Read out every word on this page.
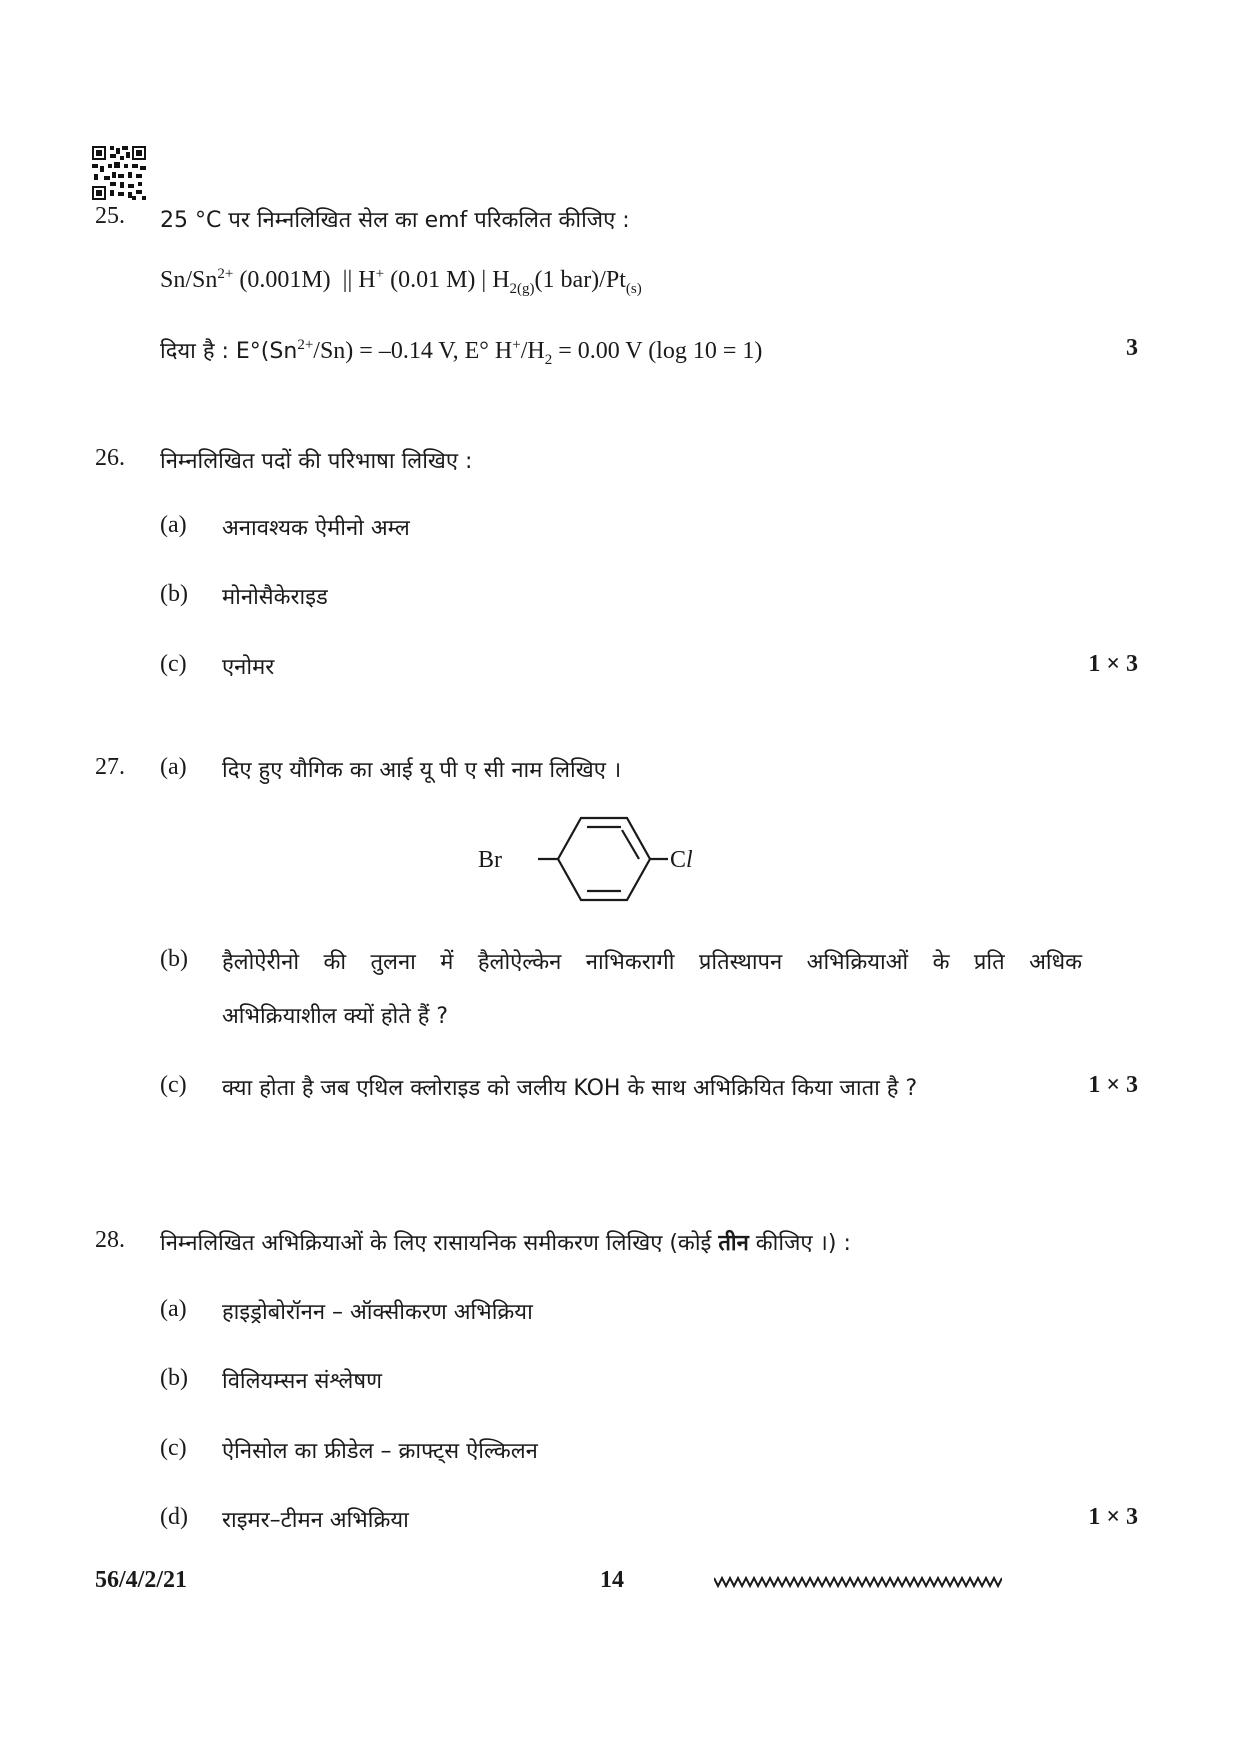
25. 25 °C पर निम्नलिखित सेल का emf परिकलित कीजिए :
$Sn/Sn^{2+}$ (0.001M)  || H+ (0.01 M) | $H_{2(g)}(1$ $bar)/Pt_{(s)}$
दिया है : $E^\circ(Sn^{2+}/Sn) = -0.14$ V, E° $H^+/H_2 = 0.00$ V (log 10 = 1)	3
26. निम्नलिखित पदों की परिभाषा लिखिए :
(a) अनावश्यक ऐमीनो अम्ल
(b) मोनोसैकेराइड
(c) एनोमर	1 × 3
27. (a) दिए हुए यौगिक का आई यू पी ए सी नाम लिखिए ।
Br	Cl
(b) हैलोऐरीनो की तुलना में हैलोऐल्केन नाभिकरागी प्रतिस्थापन अभिक्रियाओं के प्रति अधिक
अभिक्रियाशील क्यों होते हैं ?
(c) क्या होता है जब एथिल क्लोराइड को जलीय KOH के साथ अभिक्रियित किया जाता है ?	1 × 3
28. निम्नलिखित अभिक्रियाओं के लिए रासायनिक समीकरण लिखिए (कोई तीन कीजिए ।) :
(a) हाइड्रोबोरॉनन – ऑक्सीकरण अभिक्रिया
(b) विलियम्सन संश्लेषण
(c) ऐनिसोल का फ्रीडेल – क्राफ्ट्स ऐल्किलन
(d) राइमर–टीमन अभिक्रिया	1 × 3
56/4/2/21	14
